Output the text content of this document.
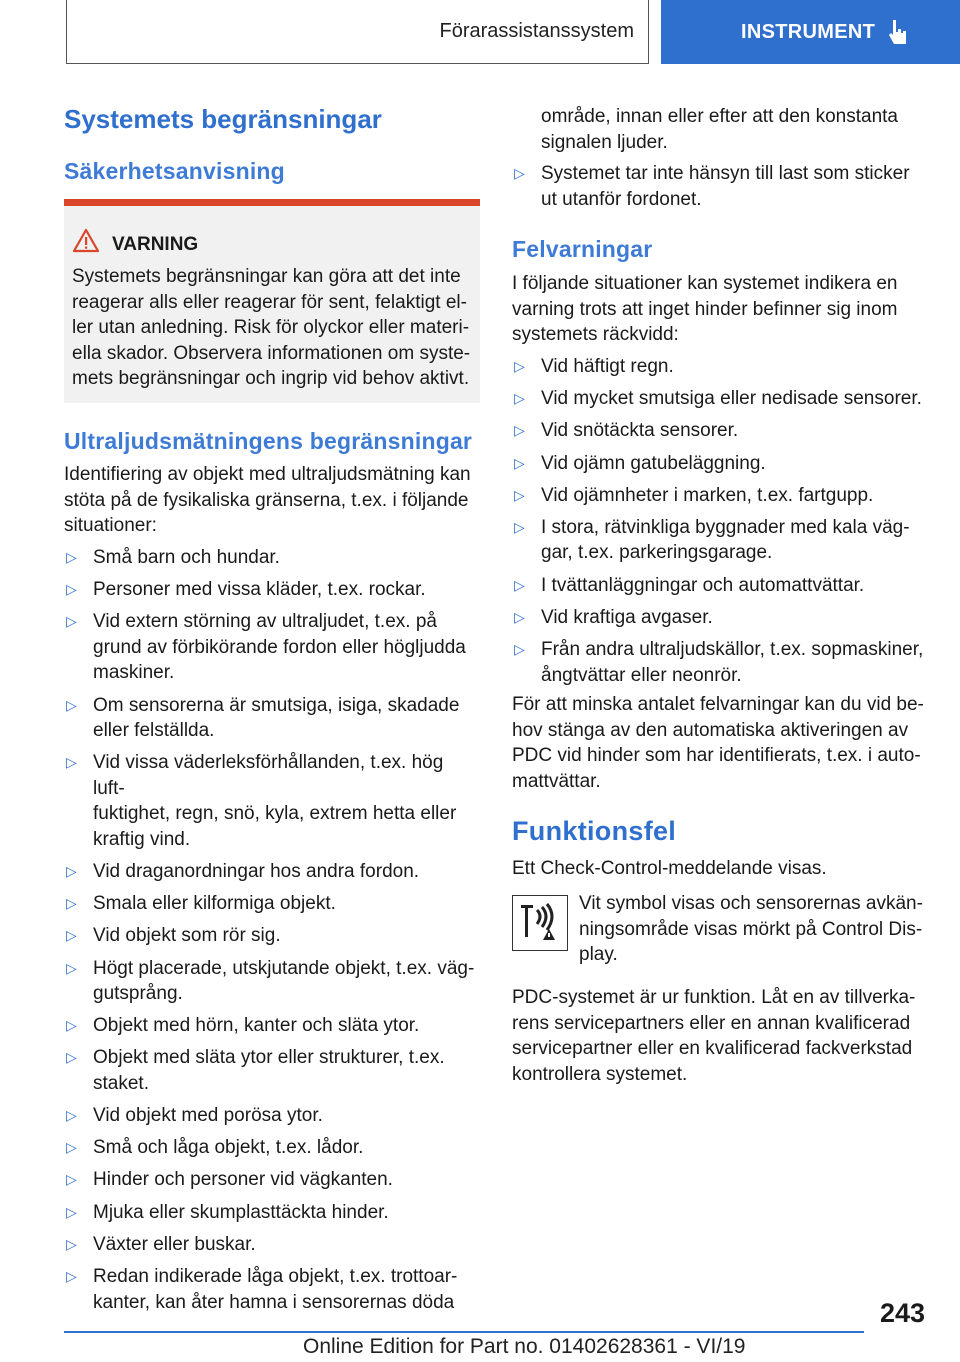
Förarassistanssystem	INSTRUMENT
Systemets begränsningar
Säkerhetsanvisning
VARNING
Systemets begränsningar kan göra att det inte
reagerar alls eller reagerar för sent, felaktigt el-
ler utan anledning. Risk för olyckor eller materi-
ella skador. Observera informationen om syste-
mets begränsningar och ingrip vid behov aktivt.
Ultraljudsmätningens begränsningar
Identifiering av objekt med ultraljudsmätning kan
stöta på de fysikaliska gränserna, t.ex. i följande
situationer:
▷ Små barn och hundar.
▷ Personer med vissa kläder, t.ex. rockar.
▷ Vid extern störning av ultraljudet, t.ex. på
grund av förbikörande fordon eller högljudda
maskiner.
▷ Om sensorerna är smutsiga, isiga, skadade
eller felställda.
▷ Vid vissa väderleksförhållanden, t.ex. hög luft-
fuktighet, regn, snö, kyla, extrem hetta eller
kraftig vind.
▷ Vid draganordningar hos andra fordon.
▷ Smala eller kilformiga objekt.
▷ Vid objekt som rör sig.
▷ Högt placerade, utskjutande objekt, t.ex. väg-
gutsprång.
▷ Objekt med hörn, kanter och släta ytor.
▷ Objekt med släta ytor eller strukturer, t.ex.
staket.
▷ Vid objekt med porösa ytor.
▷ Små och låga objekt, t.ex. lådor.
▷ Hinder och personer vid vägkanten.
▷ Mjuka eller skumplasttäckta hinder.
▷ Växter eller buskar.
▷ Redan indikerade låga objekt, t.ex. trottoar-
kanter, kan åter hamna i sensorernas döda
område, innan eller efter att den konstanta
signalen ljuder.
▷ Systemet tar inte hänsyn till last som sticker
ut utanför fordonet.
Felvarningar
I följande situationer kan systemet indikera en
varning trots att inget hinder befinner sig inom
systemets räckvidd:
▷ Vid häftigt regn.
▷ Vid mycket smutsiga eller nedisade sensorer.
▷ Vid snötäckta sensorer.
▷ Vid ojämn gatubeläggning.
▷ Vid ojämnheter i marken, t.ex. fartgupp.
▷ I stora, rätvinkliga byggnader med kala väg-
gar, t.ex. parkeringsgarage.
▷ I tvättanläggningar och automattvättar.
▷ Vid kraftiga avgaser.
▷ Från andra ultraljudskällor, t.ex. sopmaskiner,
ångtvättar eller neonrör.
För att minska antalet felvarningar kan du vid be-
hov stänga av den automatiska aktiveringen av
PDC vid hinder som har identifierats, t.ex. i auto-
mattvättar.
Funktionsfel
Ett Check-Control-meddelande visas.
Vit symbol visas och sensorernas avkän-
ningsområde visas mörkt på Control Dis-
play.
PDC-systemet är ur funktion. Låt en av tillverka-
rens servicepartners eller en annan kvalificerad
servicepartner eller en kvalificerad fackverkstad
kontrollera systemet.
243
Online Edition for Part no. 01402628361 - VI/19
